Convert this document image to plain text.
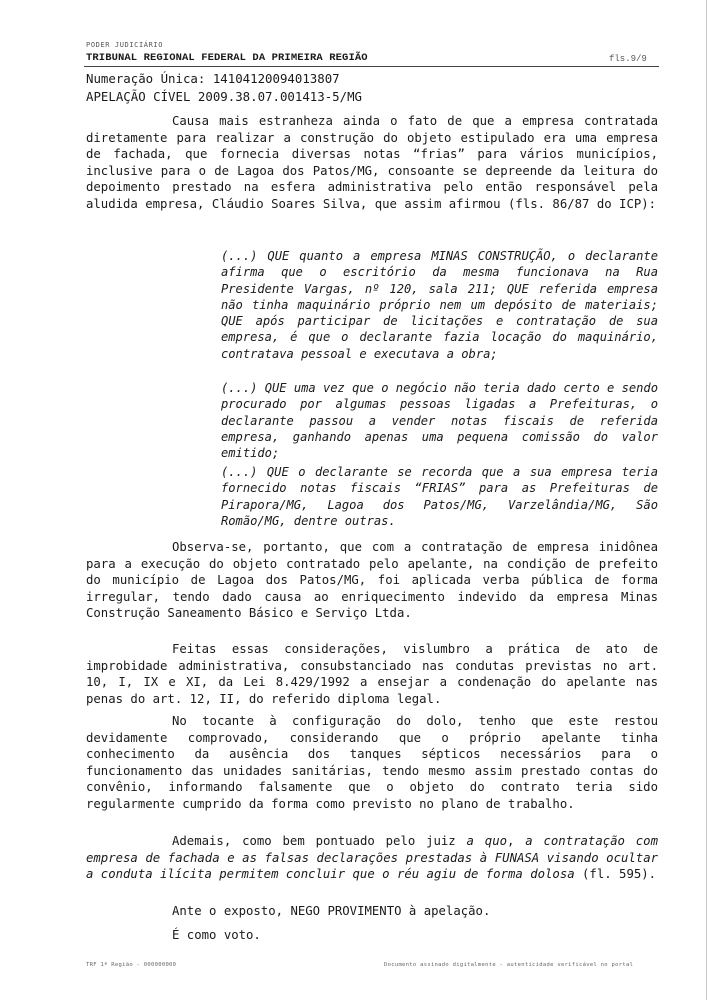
PODER JUDICIÁRIO
TRIBUNAL REGIONAL FEDERAL DA PRIMEIRA REGIÃO	fls.9/9
Numeração Única: 14104120094013807
APELAÇÃO CÍVEL 2009.38.07.001413-5/MG

Causa mais estranheza ainda o fato de que a empresa contratada diretamente para realizar a construção do objeto estipulado era uma empresa de fachada, que fornecia diversas notas “frias” para vários municípios, inclusive para o de Lagoa dos Patos/MG, consoante se depreende da leitura do depoimento prestado na esfera administrativa pelo então responsável pela aludida empresa, Cláudio Soares Silva, que assim afirmou (fls. 86/87 do ICP):

(...) QUE quanto a empresa MINAS CONSTRUÇÃO, o declarante afirma que o escritório da mesma funcionava na Rua Presidente Vargas, nº 120, sala 211; QUE referida empresa não tinha maquinário próprio nem um depósito de materiais; QUE após participar de licitações e contratação de sua empresa, é que o declarante fazia locação do maquinário, contratava pessoal e executava a obra;

(...) QUE uma vez que o negócio não teria dado certo e sendo procurado por algumas pessoas ligadas a Prefeituras, o declarante passou a vender notas fiscais de referida empresa, ganhando apenas uma pequena comissão do valor emitido;

(...) QUE o declarante se recorda que a sua empresa teria fornecido notas fiscais “FRIAS” para as Prefeituras de Pirapora/MG, Lagoa dos Patos/MG, Varzelândia/MG, São Romão/MG, dentre outras.

Observa-se, portanto, que com a contratação de empresa inidônea para a execução do objeto contratado pelo apelante, na condição de prefeito do município de Lagoa dos Patos/MG, foi aplicada verba pública de forma irregular, tendo dado causa ao enriquecimento indevido da empresa Minas Construção Saneamento Básico e Serviço Ltda.

Feitas essas considerações, vislumbro a prática de ato de improbidade administrativa, consubstanciado nas condutas previstas no art. 10, I, IX e XI, da Lei 8.429/1992 a ensejar a condenação do apelante nas penas do art. 12, II, do referido diploma legal.

No tocante à configuração do dolo, tenho que este restou devidamente comprovado, considerando que o próprio apelante tinha conhecimento da ausência dos tanques sépticos necessários para o funcionamento das unidades sanitárias, tendo mesmo assim prestado contas do convênio, informando falsamente que o objeto do contrato teria sido regularmente cumprido da forma como previsto no plano de trabalho.

Ademais, como bem pontuado pelo juiz a quo, a contratação com empresa de fachada e as falsas declarações prestadas à FUNASA visando ocultar a conduta ilícita permitem concluir que o réu agiu de forma dolosa (fl. 595).

Ante o exposto, NEGO PROVIMENTO à apelação.

É como voto.

TRF 1ª Região - 000000000	Documento assinado digitalmente - autenticidade verificável no portal
